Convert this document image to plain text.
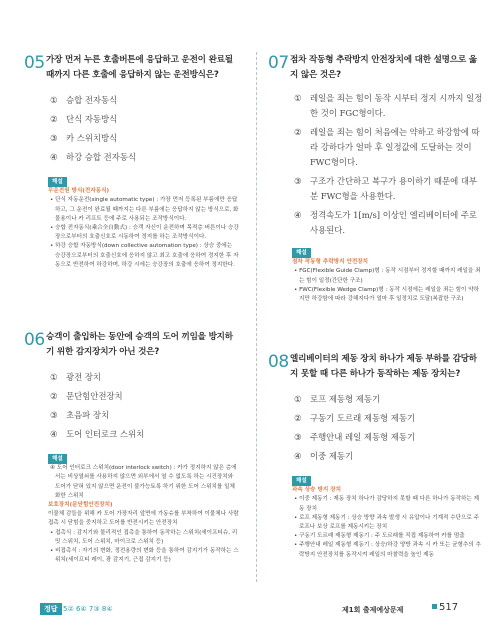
05 가장 먼저 누른 호출버튼에 응답하고 운전이 완료될 때까지 다른 호출에 응답하지 않는 운전방식은?
①	승합 전자동식
②	단식 자동방식
③	카 스위치방식
④	하강 승합 전자동식
해설

무운전원 방식(전자동식)

• 단식 자동운전(single automatic type) : 가장 먼저 등록된 부름에만 응답하고, 그 운전이 완료될 때까지는 다른 부름에는 응답하지 않는 방식으로, 화물용이나 카 리프트 등에 주로 사용되는 조작방식이다.

• 승합 전자동식(乘合全自動式) : 승객 자신이 운전하며 목적층 버튼이나 승강장으로부터의 호출신호로 시동하여 정지를 하는 조작방식이다.

• 하강 승합 자동방식(down collective automation type) : 상승 중에는 승강장으로부터의 호출신호에 응하지 않고 최고 호출에 응하여 정지한 후 자동으로 반전하여 하강하며, 하강 시에는 승강장의 호출에 응하여 정지한다.

06 승객이 출입하는 동안에 승객의 도어 끼임을 방지하기 위한 감지장치가 아닌 것은?
①	광전 장치
②	문단힘안전장치
③	초음파 장치
④	도어 인터로크 스위치
해설

④ 도어 인터로크 스위치(door interlock switch) : 카가 정지하지 않은 층에서는 비상열쇠를 사용하지 않으면 외부에서 열 수 없도록 하는 시건장치와 도어가 닫혀 있지 않으면 운전이 불가능토록 하기 위한 도어 스위치를 일체화한 스위치

보호장치(문닫힘안전장치)

이물체 감들을 위해 카 도어 가장자리 앞면에 가동슈를 부착하여 이물체나 사람 접촉 시 닫힘을 중지하고 도어를 반전시키는 안전장치

• 접촉식 : 감지기와 물리적인 접촉을 통하여 동작하는 스위치(세이프티슈, 리밋 스위치, 도어 스위치, 마이크로 스위치 등)

• 비접촉식 : 자기의 변화, 정전용량의 변화 등을 통하여 감지기가 동작하는 스위치(세이프티 레이, 광 감지기, 근접 감지기 등)

07 점차 작동형 추락방지 안전장치에 대한 설명으로 옳지 않은 것은?
①	레일을 죄는 힘이 동작 시부터 정지 시까지 일정한 것이 FGC형이다.
②	레일을 죄는 힘이 처음에는 약하고 하강함에 따라 강하다가 얼마 후 일정값에 도달하는 것이 FWC형이다.
③	구조가 간단하고 복구가 용이하기 때문에 대부분 FWC형을 사용한다.
④	정격속도가 1[m/s] 이상인 엘리베이터에 주로 사용된다.
해설

점차 작동형 추락방지 안전장치

• FGC(Flexible Guide Clamp)형 : 동작 시점부터 정지할 때까지 레일을 죄는 힘이 일정(간단한 구조)

• FWC(Flexible Wedge Clamp)형 : 동작 시점에는 레일을 죄는 힘이 약하지만 하강함에 따라 강해지다가 얼마 후 일정치로 도달(복잡한 구조)

08 엘리베이터의 제동 장치 하나가 제동 부하를 감당하지 못할 때 다른 하나가 동작하는 제동 장치는?
①	로프 제동형 제동기
②	구동기 도르래 제동형 제동기
③	주행안내 레일 제동형 제동기
④	이중 제동기
해설

과속 상승 방지 장치

• 이중 제동기 : 제동 장치 하나가 감당하지 못할 때 다른 하나가 동작하는 제동 장치

• 로프 제동형 제동기 : 상승 방향 과속 발생 시 유압이나 기계적 수단으로 주 로프나 보상 로프를 제동시키는 장치

• 구동기 도르래 제동형 제동기 : 주 도르래를 직접 제동하여 카를 멈춤

• 주행안내 레일 제동형 제동기 : 상승/하강 양방 과속 시 카 또는 균형추의 추락방지 안전장치를 동작시켜 레일의 마찰력을 높인 제동

정답 5② 6④ 7③ 8④	제1회 출제예상문제	517
